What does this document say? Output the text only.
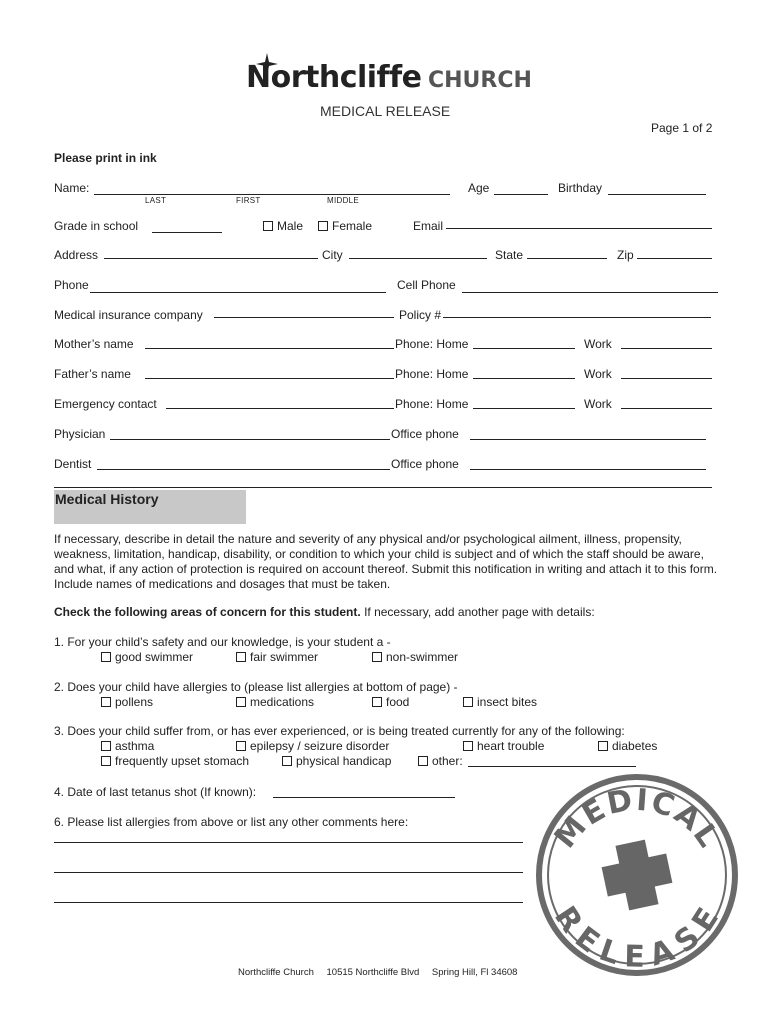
Northcliffe CHURCH
MEDICAL RELEASE
Page 1 of 2
Please print in ink
Name:
LAST	FIRST	MIDDLE
Age	Birthday
Grade in school	Male	Female	Email
Address	City	State	Zip
Phone	Cell Phone
Medical insurance company	Policy #
Mother’s name	Phone: Home	Work
Father’s name	Phone: Home	Work
Emergency contact	Phone: Home	Work
Physician	Office phone
Dentist	Office phone
Medical History
If necessary, describe in detail the nature and severity of any physical and/or psychological ailment, illness, propensity, weakness, limitation, handicap, disability, or condition to which your child is subject and of which the staff should be aware, and what, if any action of protection is required on account thereof. Submit this notification in writing and attach it to this form. Include names of medications and dosages that must be taken.
Check the following areas of concern for this student. If necessary, add another page with details:
1. For your child’s safety and our knowledge, is your student a -
good swimmer	fair swimmer	non-swimmer
2. Does your child have allergies to (please list allergies at bottom of page) -
pollens	medications	food	insect bites
3. Does your child suffer from, or has ever experienced, or is being treated currently for any of the following:
asthma	epilepsy / seizure disorder	heart trouble	diabetes
frequently upset stomach	physical handicap	other:
4. Date of last tetanus shot (If known):
6. Please list allergies from above or list any other comments here:	MEDICAL
RELEASE
Northcliffe Church 10515 Northcliffe Blvd Spring Hill, Fl 34608
